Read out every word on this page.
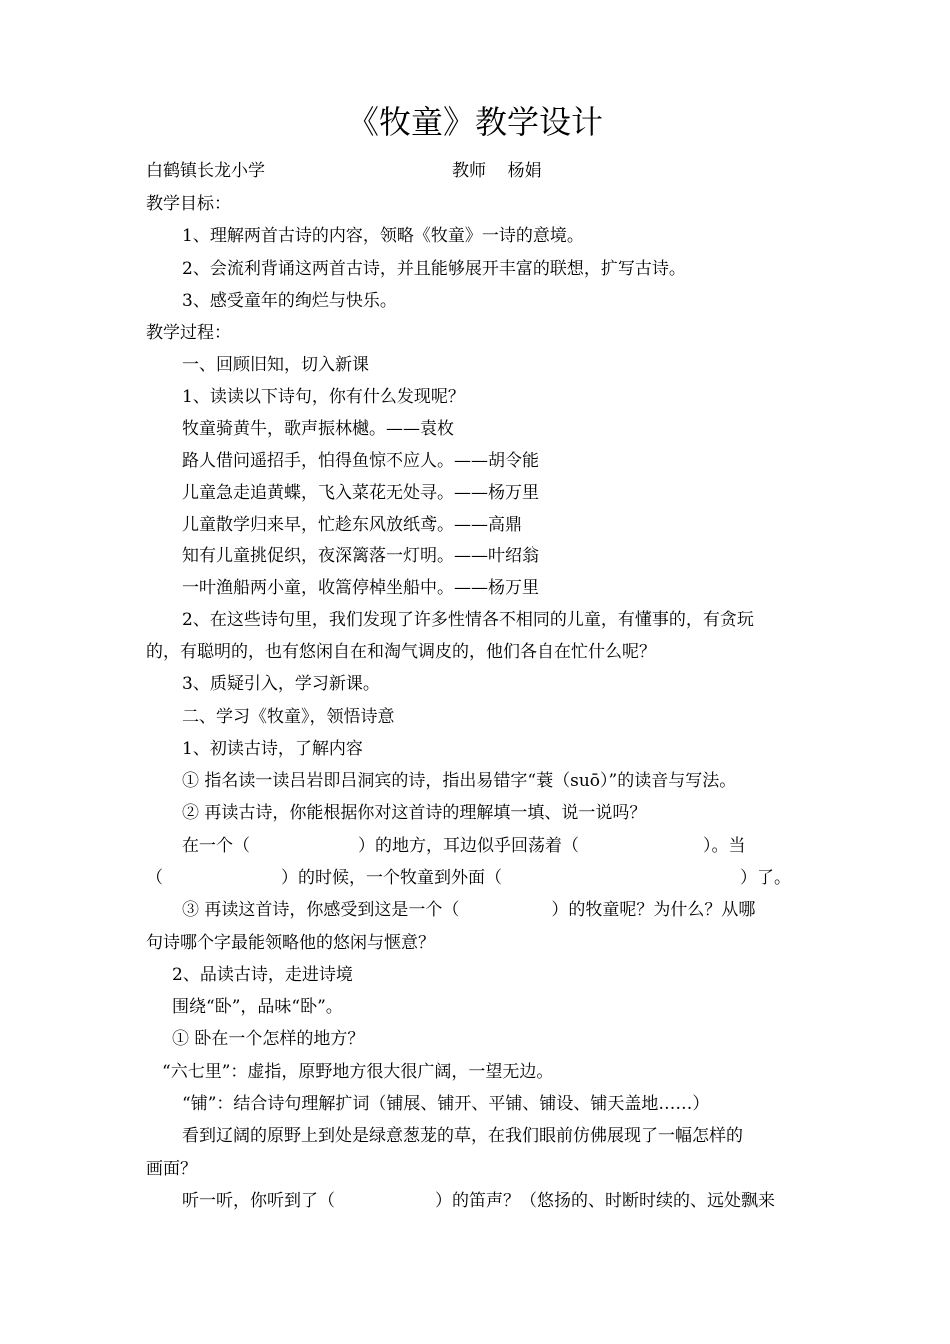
《牧童》教学设计
白鹤镇长龙小学	教师    杨娟
教学目标：
1、理解两首古诗的内容，领略《牧童》一诗的意境。
2、会流利背诵这两首古诗，并且能够展开丰富的联想，扩写古诗。
3、感受童年的绚烂与快乐。
教学过程：
一、回顾旧知，切入新课
1、读读以下诗句，你有什么发现呢？
牧童骑黄牛，歌声振林樾。——袁枚
路人借问遥招手，怕得鱼惊不应人。——胡令能
儿童急走追黄蝶，飞入菜花无处寻。——杨万里
儿童散学归来早，忙趁东风放纸鸢。——高鼎
知有儿童挑促织，夜深篱落一灯明。——叶绍翁
一叶渔船两小童，收篙停棹坐船中。——杨万里
2、在这些诗句里，我们发现了许多性情各不相同的儿童，有懂事的，有贪玩
的，有聪明的，也有悠闲自在和淘气调皮的，他们各自在忙什么呢？
3、质疑引入，学习新课。
二、学习《牧童》，领悟诗意
1、初读古诗，了解内容
① 指名读一读吕岩即吕洞宾的诗，指出易错字“蓑（suō）”的读音与写法。
② 再读古诗，你能根据你对这首诗的理解填一填、说一说吗？
在一个（	）的地方，耳边似乎回荡着（	）。当
（	）的时候，一个牧童到外面（	）了。
③ 再读这首诗，你感受到这是一个（	）的牧童呢？为什么？从哪
句诗哪个字最能领略他的悠闲与惬意？
2、品读古诗，走进诗境
围绕“卧”，品味“卧”。
① 卧在一个怎样的地方？
“六七里”：虚指，原野地方很大很广阔，一望无边。
“铺”：结合诗句理解扩词（铺展、铺开、平铺、铺设、铺天盖地……）
看到辽阔的原野上到处是绿意葱茏的草，在我们眼前仿佛展现了一幅怎样的
画面？
听一听，你听到了（	）的笛声？（悠扬的、时断时续的、远处飘来
